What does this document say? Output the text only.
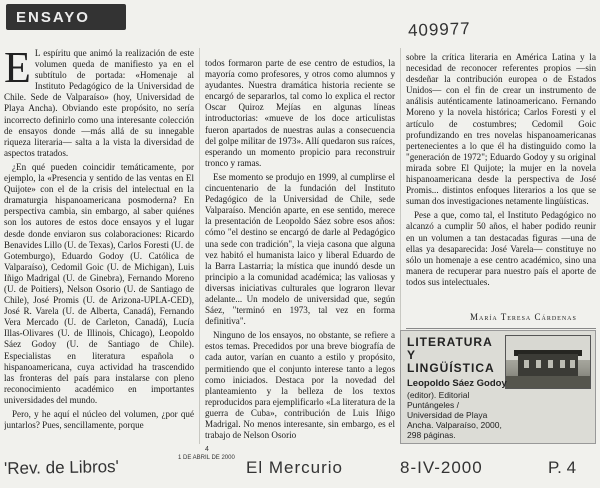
ENSAYO
409977

E L espíritu que animó la realización de este volumen queda de manifiesto ya en el subtítulo de portada: «Homenaje al Instituto Pedagógico de la Universidad de Chile. Sede de Valparaíso» (hoy, Universidad de Playa Ancha). Obviando este propósito, no sería incorrecto definirlo como una interesante colección de ensayos donde —más allá de su innegable riqueza literaria— salta a la vista la diversidad de aspectos tratados.

¿En qué pueden coincidir temáticamente, por ejemplo, la «Presencia y sentido de las ventas en El Quijote» con el de la crisis del intelectual en la dramaturgia hispanoamericana posmoderna? En perspectiva cambia, sin embargo, al saber quiénes son los autores de estos doce ensayos y el lugar desde donde enviaron sus colaboraciones: Ricardo Benavides Lillo (U. de Texas), Carlos Foresti (U. de Gotemburgo), Eduardo Godoy (U. Católica de Valparaíso), Cedomil Goic (U. de Michigan), Luis Iñigo Madrigal (U. de Ginebra), Fernando Moreno (U. de Poitiers), Nelson Osorio (U. de Santiago de Chile), José Promis (U. de Arizona-UPLA-CED), José R. Varela (U. de Alberta, Canadá), Fernando Vera Mercado (U. de Carleton, Canadá), Lucía Illas-Olivares (U. de Illinois, Chicago), Leopoldo Sáez Godoy (U. de Santiago de Chile). Especialistas en literatura española o hispanoamericana, cuya actividad ha trascendido las fronteras del país para instalarse con pleno reconocimiento académico en importantes universidades del mundo.

Pero, y he aquí el núcleo del volumen, ¿por qué juntarlos? Pues, sencillamente, porque

todos formaron parte de ese centro de estudios, la mayoría como profesores, y otros como alumnos y ayudantes. Nuestra dramática historia reciente se encargó de separarlos, tal como lo explica el rector Oscar Quiroz Mejías en algunas líneas introductorias: «mueve de los doce articulistas fueron apartados de nuestras aulas a consecuencia del golpe militar de 1973». Allí quedaron sus raíces, esperando un momento propicio para reconstruir tronco y ramas.

Ese momento se produjo en 1999, al cumplirse el cincuentenario de la fundación del Instituto Pedagógico de la Universidad de Chile, sede Valparaíso. Mención aparte, en ese sentido, merece la presentación de Leopoldo Sáez sobre esos años: cómo "el destino se encargó de darle al Pedagógico una sede con tradición", la vieja casona que alguna vez habitó el humanista laico y liberal Eduardo de la Barra Lastarria; la mística que inundó desde un principio a la comunidad académica; las valiosas y diversas iniciativas culturales que lograron llevar adelante... Un modelo de universidad que, según Sáez, "terminó en 1973, tal vez en forma definitiva".

Ninguno de los ensayos, no obstante, se refiere a estos temas. Precedidos por una breve biografía de cada autor, varían en cuanto a estilo y propósito, permitiendo que el conjunto interese tanto a legos como iniciados. Destaca por la novedad del planteamiento y la belleza de los textos reproducidos para ejemplificarlo «La literatura de la guerra de Cuba», contribución de Luis Iñigo Madrigal. No menos interesante, sin embargo, es el trabajo de Nelson Osorio

sobre la crítica literaria en América Latina y la necesidad de reconocer referentes propios —sin desdeñar la contribución europea o de Estados Unidos— con el fin de crear un instrumento de análisis auténticamente latinoamericano. Fernando Moreno y la novela histórica; Carlos Foresti y el artículo de costumbres; Cedomil Goic profundizando en tres novelas hispanoamericanas pertenecientes a lo que él ha distinguido como la "generación de 1972"; Eduardo Godoy y su original mirada sobre El Quijote; la mujer en la novela hispanoamericana desde la perspectiva de José Promis... distintos enfoques literarios a los que se suman dos investigaciones netamente lingüísticas.

Pese a que, como tal, el Instituto Pedagógico no alcanzó a cumplir 50 años, el haber podido reunir en un volumen a tan destacadas figuras —una de ellas ya desaparecida: José Varela— constituye no sólo un homenaje a ese centro académico, sino una manera de recuperar para nuestro país el aporte de todos sus intelectuales.

María Teresa Cárdenas
LITERATURA Y LINGÜÍSTICA
Leopoldo Sáez Godoy
(editor). Editorial
Puntángeles /
Universidad de Playa
Ancha. Valparaíso, 2000,
298 páginas.
4
1 DE ABRIL DE 2000
'Rev. de Libros'	El Mercurio	8-IV-2000	P. 4
